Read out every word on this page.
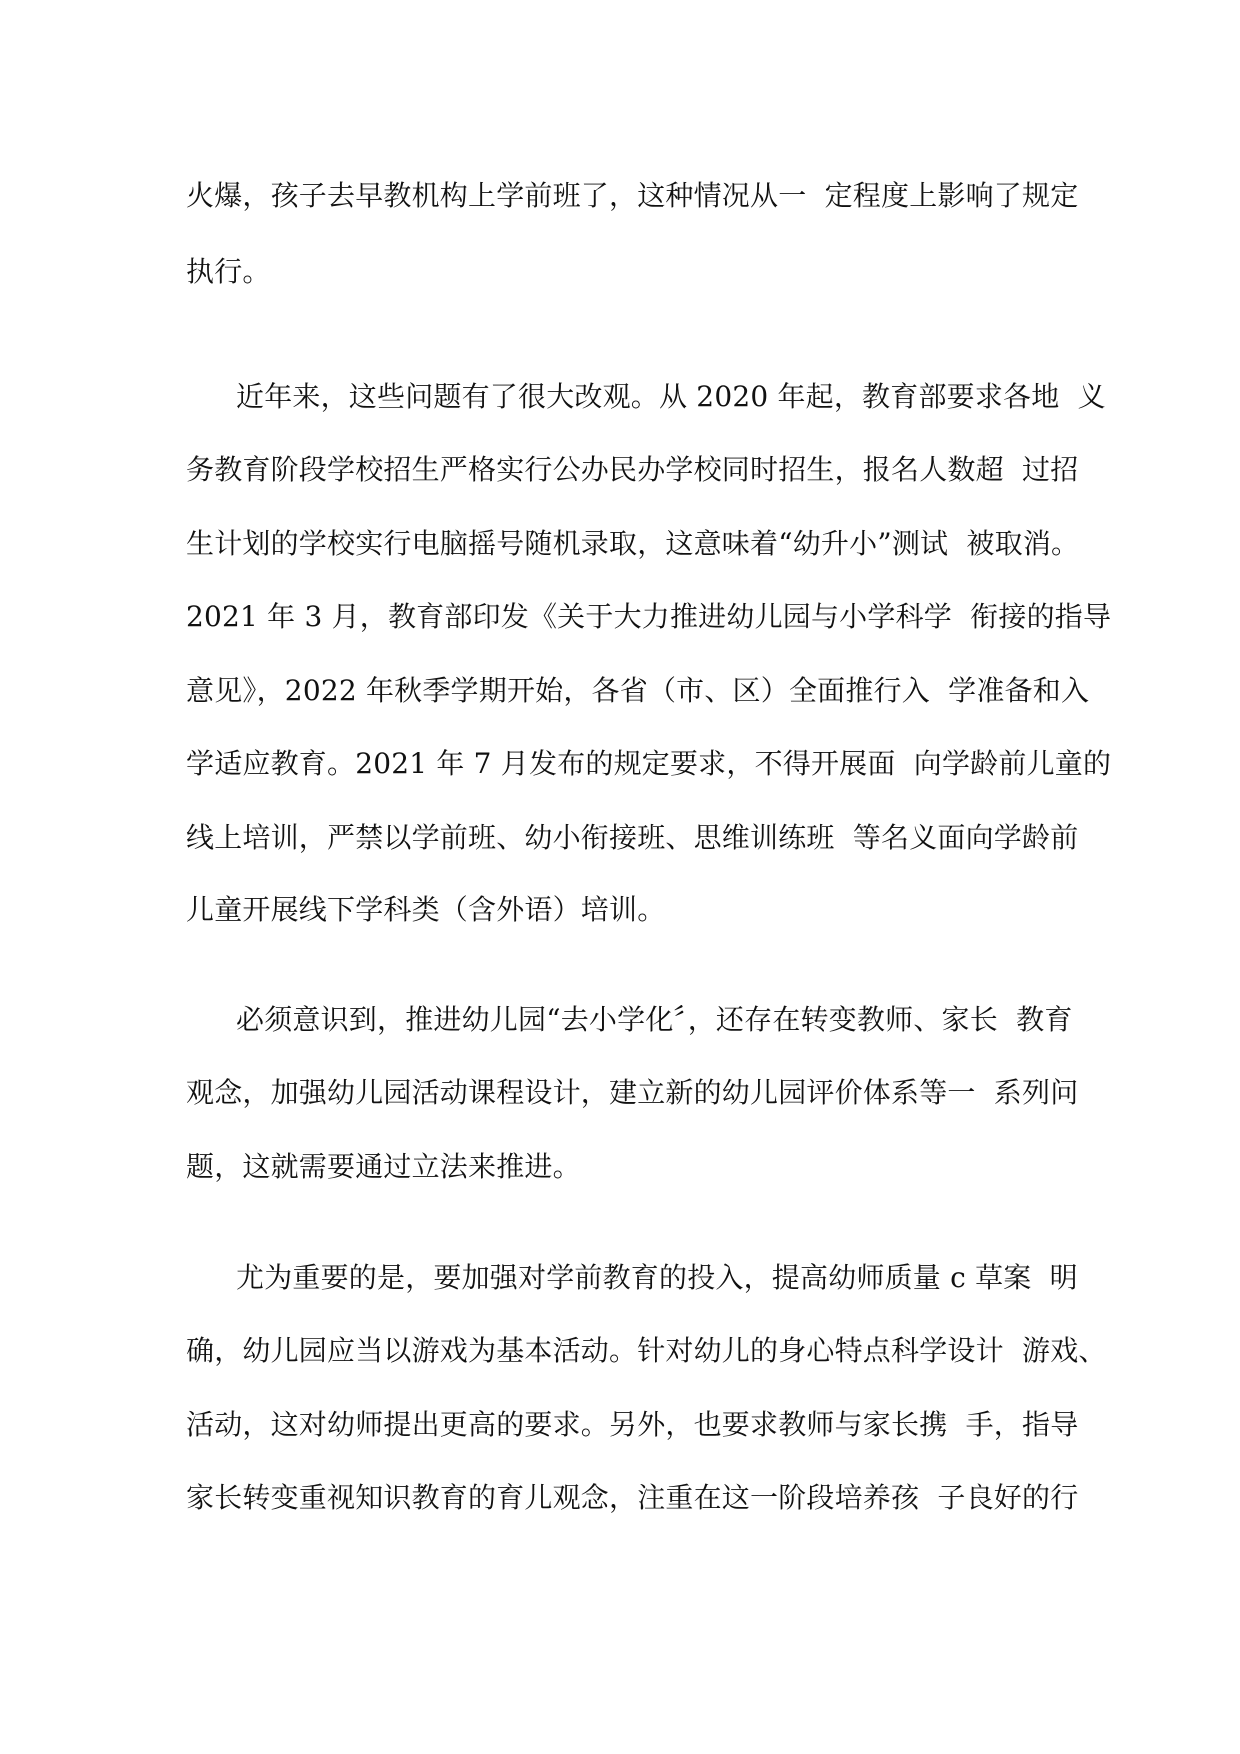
火爆，孩子去早教机构上学前班了，这种情况从一  定程度上影响了规定
执行。
近年来，这些问题有了很大改观。从 2020 年起，教育部要求各地  义
务教育阶段学校招生严格实行公办民办学校同时招生，报名人数超  过招
生计划的学校实行电脑摇号随机录取，这意味着“幼升小”测试  被取消。
2021 年 3 月，教育部印发《关于大力推进幼儿园与小学科学  衔接的指导
意见》，2022 年秋季学期开始，各省（市、区）全面推行入  学准备和入
学适应教育。2021 年 7 月发布的规定要求，不得开展面  向学龄前儿童的
线上培训，严禁以学前班、幼小衔接班、思维训练班  等名义面向学龄前
儿童开展线下学科类（含外语）培训。
必须意识到，推进幼儿园“去小学化〞，还存在转变教师、家长  教育
观念，加强幼儿园活动课程设计，建立新的幼儿园评价体系等一  系列问
题，这就需要通过立法来推进。
尤为重要的是，要加强对学前教育的投入，提高幼师质量 c 草案  明
确，幼儿园应当以游戏为基本活动。针对幼儿的身心特点科学设计  游戏、
活动，这对幼师提出更高的要求。另外，也要求教师与家长携  手，指导
家长转变重视知识教育的育儿观念，注重在这一阶段培养孩  子良好的行
